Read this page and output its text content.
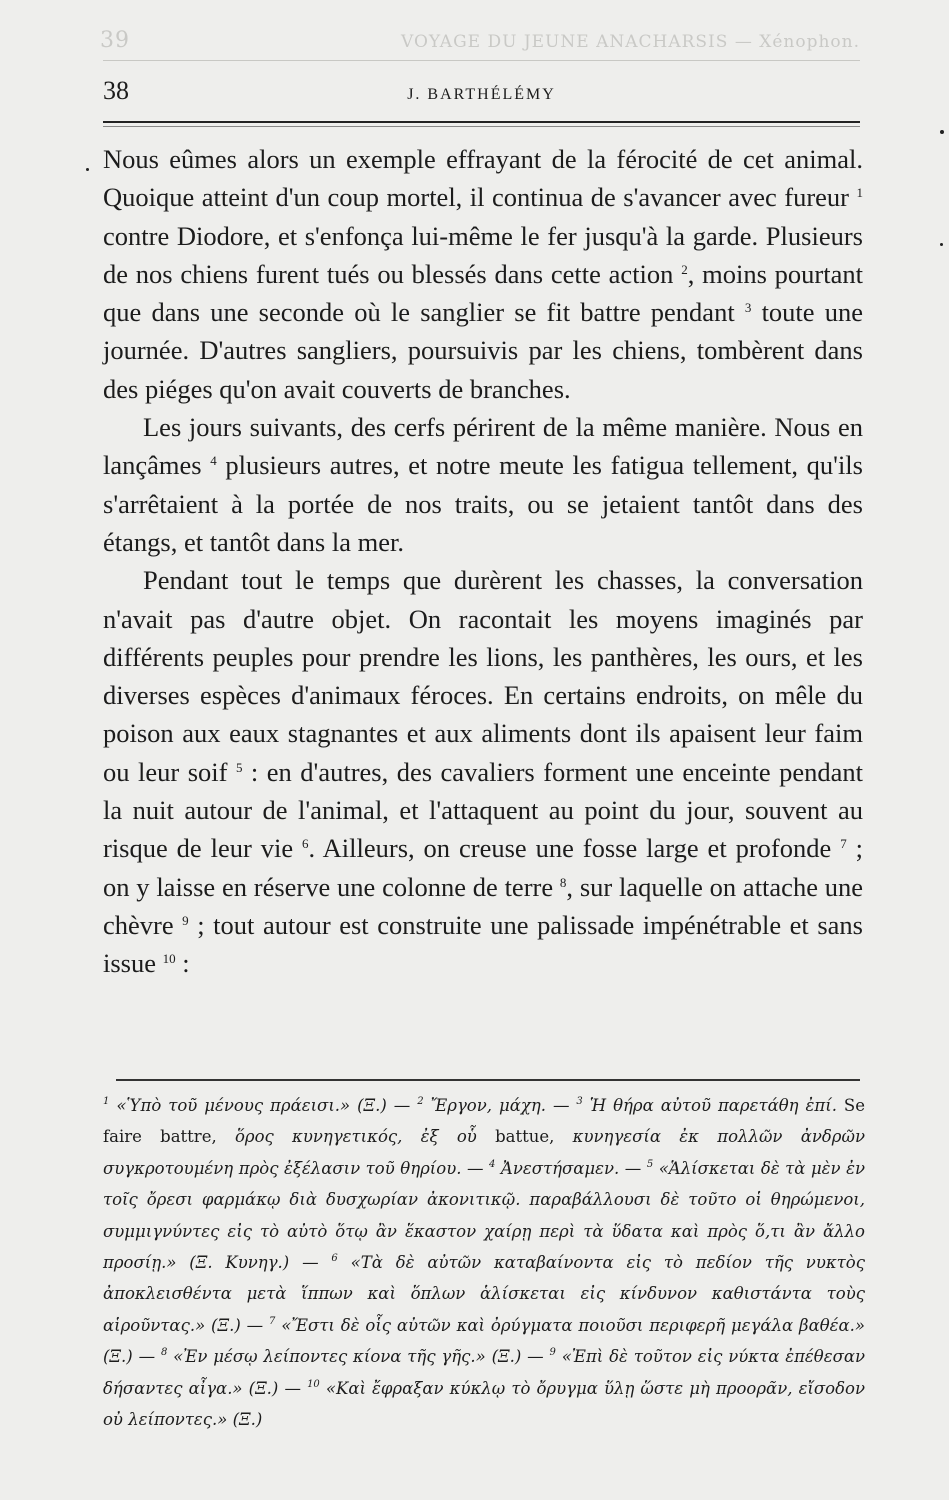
39	VOYAGE DU JEUNE ANACHARSIS — Xénophon.
38	J. BARTHÉLÉMY

Nous eûmes alors un exemple effrayant de la férocité de cet animal. Quoique atteint d'un coup mortel, il continua de s'avancer avec fureur $^1$ contre Diodore, et s'enfonça lui-même le fer jusqu'à la garde. Plusieurs de nos chiens furent tués ou blessés dans cette action $^2$, moins pourtant que dans une seconde où le sanglier se fit battre pendant $^3$ toute une journée. D'autres sangliers, poursuivis par les chiens, tombèrent dans des piéges qu'on avait couverts de branches.

Les jours suivants, des cerfs périrent de la même manière. Nous en lançâmes $^4$ plusieurs autres, et notre meute les fatigua tellement, qu'ils s'arrêtaient à la portée de nos traits, ou se jetaient tantôt dans des étangs, et tantôt dans la mer.

Pendant tout le temps que durèrent les chasses, la conversation n'avait pas d'autre objet. On racontait les moyens imaginés par différents peuples pour prendre les lions, les panthères, les ours, et les diverses espèces d'animaux féroces. En certains endroits, on mêle du poison aux eaux stagnantes et aux aliments dont ils apaisent leur faim ou leur soif $^5$ : en d'autres, des cavaliers forment une enceinte pendant la nuit autour de l'animal, et l'attaquent au point du jour, souvent au risque de leur vie $^6$. Ailleurs, on creuse une fosse large et profonde $^7$ ; on y laisse en réserve une colonne de terre $^8$, sur laquelle on attache une chèvre $^9$ ; tout autour est construite une palissade impénétrable et sans issue $^{10}$ :

$^1$ «Ὑπὸ τοῦ μένους πράεισι.» (Ξ.) — $^2$ Ἔργον, μάχη. — $^3$ Ἡ θήρα αὐτοῦ παρετάθη ἐπί. Se faire battre, ὅρος κυνηγετικός, ἐξ οὗ battue, κυνηγεσία ἐκ πολλῶν ἀνδρῶν συγκροτουμένη πρὸς ἐξέλασιν τοῦ θηρίου. — $^4$ Ἀνεστήσαμεν. — $^5$ «Ἁλίσκεται δὲ τὰ μὲν ἐν τοῖς ὄρεσι φαρμάκῳ διὰ δυσχωρίαν ἀκονιτικῷ. παραβάλλουσι δὲ τοῦτο οἱ θηρώμενοι, συμμιγνύντες εἰς τὸ αὐτὸ ὅτῳ ἂν ἕκαστον χαίρῃ περὶ τὰ ὕδατα καὶ πρὸς ὅ,τι ἂν ἄλλο προσίῃ.» (Ξ. Κυνηγ.) — $^6$ «Τὰ δὲ αὐτῶν καταβαίνοντα εἰς τὸ πεδίον τῆς νυκτὸς ἀποκλεισθέντα μετὰ ἵππων καὶ ὅπλων ἁλίσκεται εἰς κίνδυνον καθιστάντα τοὺς αἱροῦντας.» (Ξ.) — $^7$ «Ἔστι δὲ οἷς αὐτῶν καὶ ὀρύγματα ποιοῦσι περιφερῆ μεγάλα βαθέα.» (Ξ.) — $^8$ «Ἐν μέσῳ λείποντες κίονα τῆς γῆς.» (Ξ.) — $^9$ «Ἐπὶ δὲ τοῦτον εἰς νύκτα ἐπέθεσαν δήσαντες αἶγα.» (Ξ.) — $^{10}$ «Καὶ ἔφραξαν κύκλῳ τὸ ὄρυγμα ὕλῃ ὥστε μὴ προορᾶν, εἴσοδον οὐ λείποντες.» (Ξ.)
